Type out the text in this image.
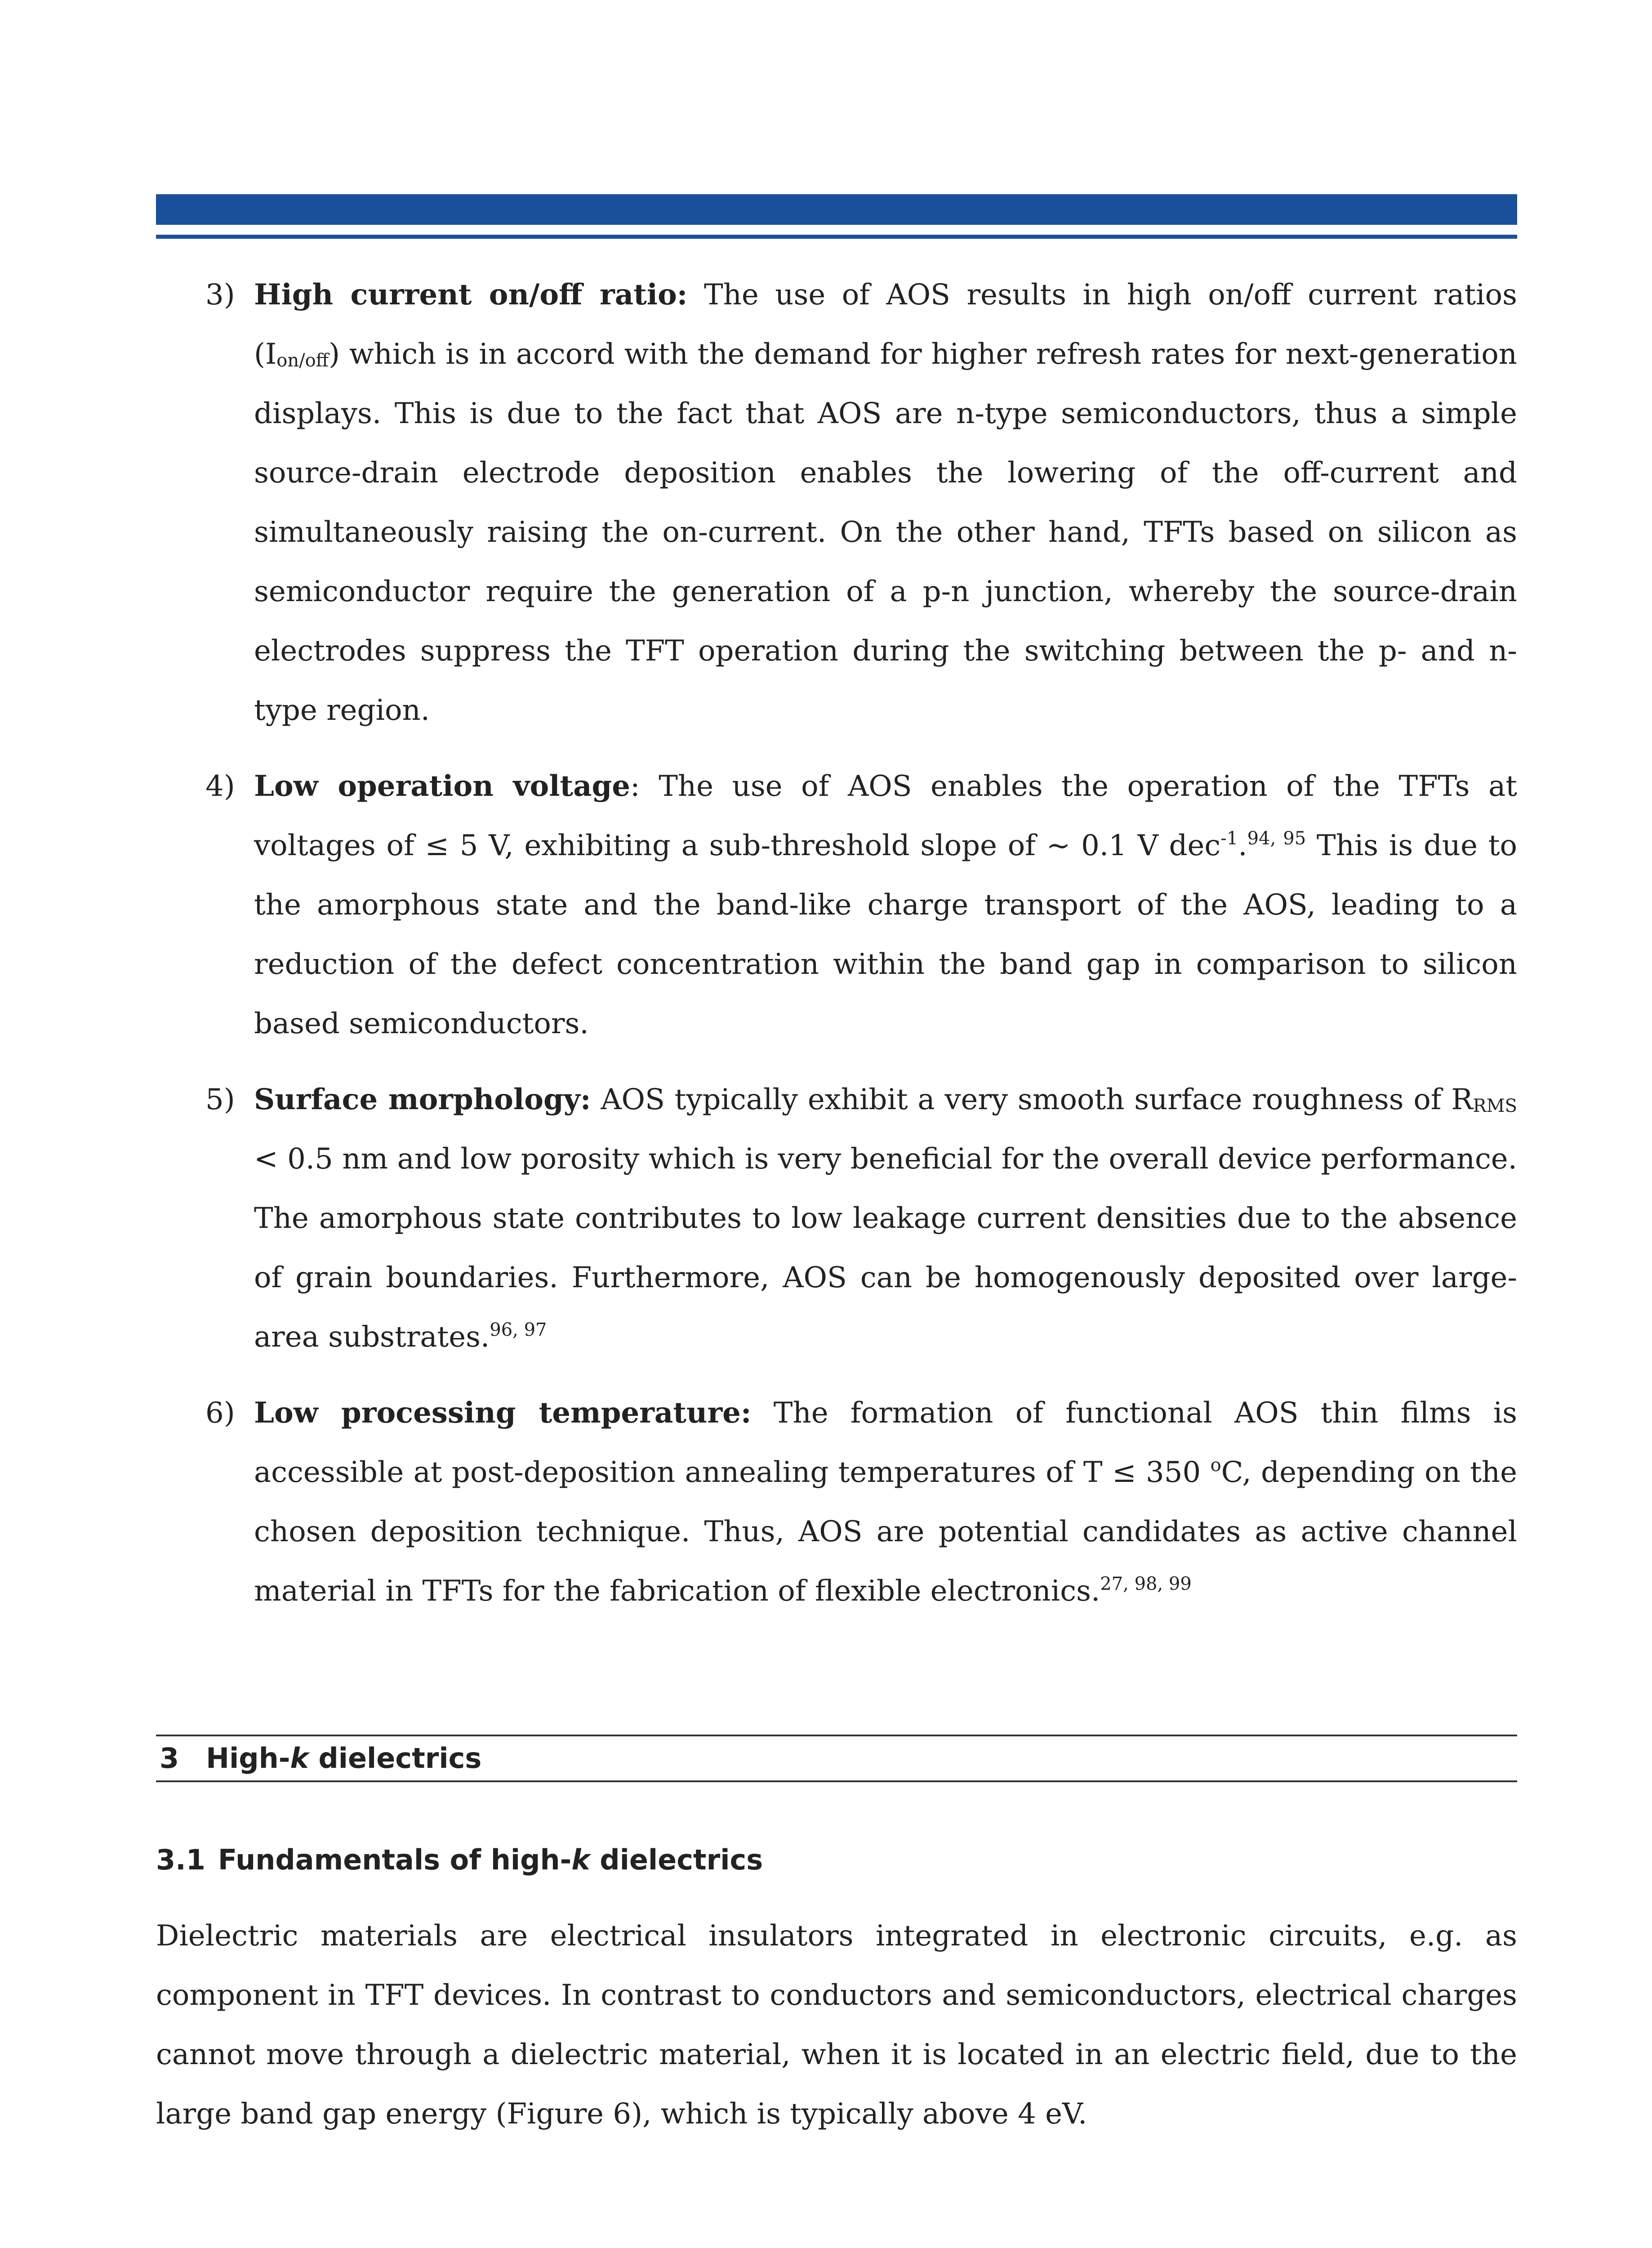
3) High current on/off ratio: The use of AOS results in high on/off current ratios $(I_{on/off})$ which is in accord with the demand for higher refresh rates for next-generation displays. This is due to the fact that AOS are n-type semiconductors, thus a simple source-drain electrode deposition enables the lowering of the off-current and simultaneously raising the on-current. On the other hand, TFTs based on silicon as semiconductor require the generation of a p-n junction, whereby the source-drain electrodes suppress the TFT operation during the switching between the p- and n-type region.

4) Low operation voltage: The use of AOS enables the operation of the TFTs at voltages of ≤ 5 V, exhibiting a sub-threshold slope of ~ 0.1 V dec$^{-1}$.$^{94, 95}$ This is due to the amorphous state and the band-like charge transport of the AOS, leading to a reduction of the defect concentration within the band gap in comparison to silicon based semiconductors.

5) Surface morphology: AOS typically exhibit a very smooth surface roughness of $R_{RMS} < 0.5$ nm and low porosity which is very beneficial for the overall device performance. The amorphous state contributes to low leakage current densities due to the absence of grain boundaries. Furthermore, AOS can be homogenously deposited over large-area substrates.$^{96, 97}$

6) Low processing temperature: The formation of functional AOS thin films is accessible at post-deposition annealing temperatures of T ≤ 350 $^o$C, depending on the chosen deposition technique. Thus, AOS are potential candidates as active channel material in TFTs for the fabrication of flexible electronics.$^{27, 98, 99}$

3 High-k dielectrics
3.1 Fundamentals of high-k dielectrics

Dielectric materials are electrical insulators integrated in electronic circuits, e.g. as component in TFT devices. In contrast to conductors and semiconductors, electrical charges cannot move through a dielectric material, when it is located in an electric field, due to the large band gap energy (Figure 6), which is typically above 4 eV.
